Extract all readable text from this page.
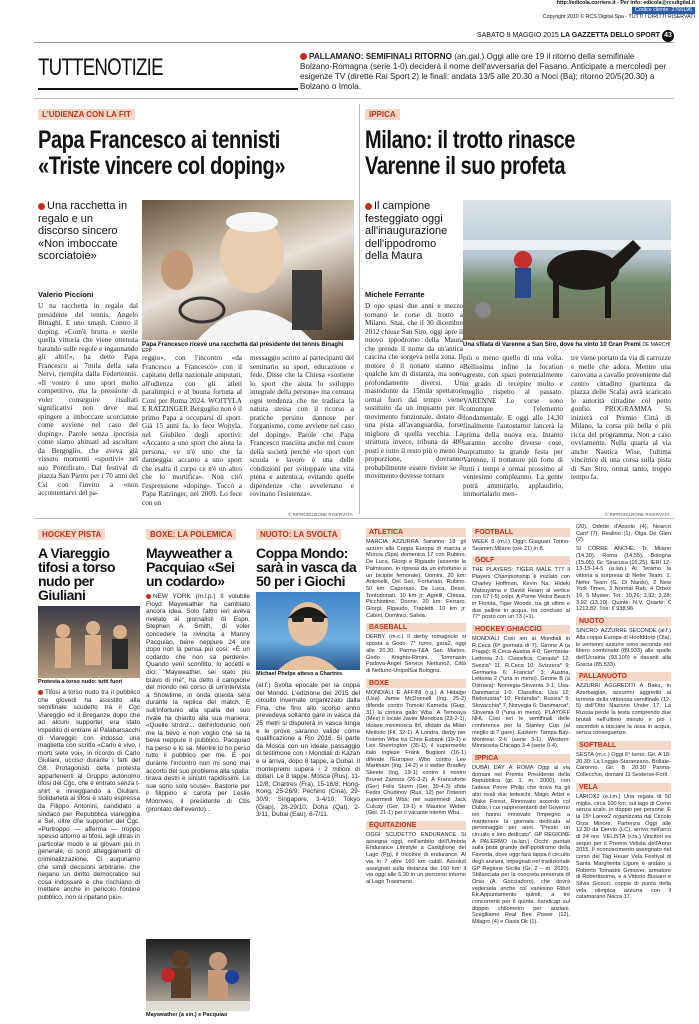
http://edicola.corriere.it - Per info: edicola@rcsdigital.it
Codice cliente: 2766196
Copyright 2010 © RCS Digital Spa - TUTTI I DIRITTI RISERVATI
SABATO 9 MAGGIO 2015 LA GAZZETTA DELLO SPORT 43
TUTTENOTIZIE	PALLAMANO: SEMIFINALI RITORNO (an.gal.) Oggi alle ore 19 il ritorno della semifinale Bolzano-Romagna (serie 1-0) deciderà il nome dell'avversaria del Fasano. Anticipate a mercoledì per esigenze TV (dirette Rai Sport 2) le finali: andata 13/5 alle 20.30 a Noci (Ba); ritorno 20/5(20.30) a Bolzano o Imola.
L'UDIENZA CON LA FIT
Papa Francesco ai tennisti
«Triste vincere col doping»
Una racchetta in regalo e un discorso sincero «Non imboccate scorciatoie»
Valerio Piccioni
U na racchetta in regalo dal presidente del tennis, Angelo Binaghi. E uno smash. Contro il doping. «Com'è brutta e sterile quella vittoria che viene ottenuta barando sulle regole e ingannando gli altri!», ha detto Papa Francesco ai 7mila della sala Nervi, riempita dalla Federtennis. «Il vostro è uno sport molto competitivo, ma la pressione di voler conseguire risultati significativi non deve mai spingere a imboccare scorciatoie come avviene nel caso del doping». Parole senza ipocrisia come siamo abituati ad ascoltare da Bergoglio, che aveva già vissuto momenti «sportivi» nel suo Pontificato. Dal festival di piazza San Pietro per i 70 anni del Csi con l'invito a «non accontentarvi del pa-
Papa Francesco riceve una racchetta dal presidente del tennis Binaghi EPP
reggio», con l'incontro «da Francesco a Francesco» con il capitano della nazionale amputati, all'udienza con gli atleti paralimpici e al buona fortuna al Coni per Roma 2024. WOJTYLA E RATZINGER Bergoglio non è il primo Papa a occuparsi di sport. Già 15 anni fa, lo fece Wojtyla, nel Giubileo degli sportivi: «Accanto a uno sport che aiuta la persona, ve n'è uno che la danneggia: accanto a uno sport che esalta il corpo ce n'è un altro che lo mortifica». Non citò l'espressione «doping». Toccò a Papa Ratzinger, nel 2009. Lo fece con un
messaggio scritto ai partecipanti del seminario su sport, educazione e fede. Disse che la Chiesa «sostiene lo sport che aiuta lo sviluppo integrale della persona» ma censura ogni tendenza che ne tradisca la natura stessa con il ricorso a pratiche persino dannose per l'organismo, come avviene nel caso del doping». Parole che Papa Francesco trasciina anche nel cuore della società perché «lo sport con scuola e lavoro è una delle condizioni per sviluppare una vita piena e autentica, evitando quelle dipendenze che avvelenano e rovinano l'esistenza».
© RIPRODUZIONE RISERVATA
IPPICA
Milano: il trotto rinasce
Varenne il suo profeta
Il campione festeggiato oggi all'inaugurazione dell'ippodromo della Maura
Michele Ferrante
D opo quasi due anni e mezzo tornano le corse di trotto a Milano. Snai, che il 30 dicembre 2012 chiuse San Siro, oggi apre il nuovo ippodromo della Maura che prende il nome da un'antica cascina che sorgeva nella zona. Il motore è il nonato stanno a qualche km di distanza, ma sono profondamente diversi. Un mastodonte da 15mila spettatori ormai fuori dal tempo viene sostituito da un impianto per il movimento funzionale, dotato di una pista all'avanguardia, forse migliore di quella vecchia. La struttura invece, tribuna da 400 posti e tutto il resto più o meno in proporzione, dovranno probabilmente essere riviste se il movimento dovesse tornare
Una sfilata di Varenne a San Siro, dove ha vinto 10 Gran Premi DE MARCHI
più o meno quello di una volta. Bellissima infine la location agreste, con spazi potenzialmente in grado di recepire molto e meglio rispetto al passato. VARENNE Le corse sono comunque l'elemento fondamentale. E oggi alle 14.30 finalmente l'autostarter lancerà la prima della nuova era. Intanto saranno accolte diverse cose, soprattutto la grande festa per Varenne, il trottatore più forte di tutti i tempi e ormai prossimo al ventesimo compleanno. La gente potrà ammirarlo, applaudirlo, immortalarlo men-
tre viene portato da via di carrozze e melle che adora. Mentre una carovana a cavallo proveniente dal centro cittadino (partenza da piazza delle Scala) avrà scaricato le autorità cittadine col petto gonfio. PROGRAMMA Si inizierà col Premio Città di Milano, la corsa più bella e più ricca del programma. Non a caso ovviamente. Nella quarta al via anche Nautica Wise, l'ultima vincitrice di una corsa sulla pista di San Siro, ormai tanto, troppo tempo fa.
© RIPRODUZIONE RISERVATA
HOCKEY PISTA
A Viareggio tifosi a torso nudo per Giuliani
Protesta a torso nudo: tutti fuori
Tifosi a torso nudo tra il pubblico che giovedì ha assistito alla semifinale scudetto tra il Cgc Viareggio ed il Breganze dopo che ad alcuni supporter era stato impedito di entrare al Palabarsacchi di Viareggio con indosso una maglietta con scritto «Carlo è vivo, i morti siete voi», in ricordo di Carlo Giuliani, ucciso durante i fatti del G8. Protagonisti della protesta appartenenti al Gruppo autonomo tifosi del Cgc, che è entrato senza t-shirt e inneggiando a Giuliani. Solidarietà ai tifosi è stato espressa da Filippo Antonini, candidato a sindaco per Repubblica viareggina e Sel, oltre che supporter del Cgc. «Purtroppo — afferma — troppo spesso attorno ai tifosi, agli ultras in particolar modo e ai giovani più in generale, ci sono atteggiamenti di criminalizzazione. Ci auguriamo che simili decisioni arbitrarie, che negano un diritto democratico sul cosa indossare e che rischiano di mettere anche in pericolo l'ordine pubblico, non si ripetano più».
BOXE: LA POLEMICA
Mayweather a Pacquiao «Sei un codardo»
NEW YORK (m.l.p.) Il volubile Floyd Mayweather ha cambiato ancora idea. Solo l'altro ieri aveva rivelato ai giornalisti di Espn, Stephen A. Smith, di voler concedere la rivincita a Manny Pacquiao, bene neppure 24 ore dopo non la pensa più così: «È un codardo che non sa perdere». Quando venì sconfitto, lo accetti e dici: "Mayweather, sei stato più bravo di me", ha detto il campione del mondo nel corso di un'intervista a Showtime, in onda questa sera durante la replica del match. E sull'infortunio alla spalla del suo rivale ha chiarito alla sua maniera: «Quelle stronz... dell'infortunio non me la bevo e non voglio che se la beva neppure il pubblico. Pacquiao ha perso e lo sa. Mentre io ho perso tutto il pubblico per me. E poi durante l'incontro non mi sono mai accorto del suo problema alla spalla: tirava destri e sinistri rapidissimi. Le sue sono solo scuse». Bastone per il filippino e carota per Leslie Moonves, il presidente di Cbs (prontato dell'evento)...
Mayweather (a sin.) e Pacquiao
NUOTO: LA SVOLTA
Coppa Mondo: sarà in vasca da 50 per i Giochi
Michael Phelps atteso a Chartres
(al.f.) Svolta epocale per la coppa del Mondo. L'edizione del 2015 del circuito invernale organizzato dalla Fina, che fino allo scorso anno prevedeva soltanto gare in vasca da 25 metri si disputerà in vasca lunga e le prove saranno valide come qualificazione a Rio 2016. Si parte da Mosca con un ideale passaggio di testimone con i Mondiali di Kazan e si arriva, dopo 8 tappe, a Dubai. Il montepremi supera i 2 milioni di dollari. Le 8 tappe. Mosca (Rus), 11-12/8; Chartres (Fra), 15-16/8; Hong-Kong, 25-26/9; Pechino (Cina), 29-30/9; Singapore, 3-4/10; Tokyo (Giap), 28-29/10; Doha (Qat), 2-3/11; Dubai (Eau), 6-7/11.
ATLETICA
MARCIA AZZURRA Saranno 18 gli azzurri alla Coppa Europa di marcia a Murcia (Spa) domenica 17 con Rubino, De Luca, Giorgi e Rigaudo (assente la Palmisano, in ripresa da un infortunio a un bicipite femorale). Uomini. 20 km: Antonelli, Del Sso, Fortunato, Rubino. 50 km: Caporaso, De Luca, Dessi, Tontodonati. 10 km jr: Agrelli, Chiesa, Picchiottino. Donne. 20 km: Ferraro, Giorgi, Rigaudo, Trapletti. 10 km jr: Cabini, Dominici, Salvia.
BASEBALL
DERBY (m.c.) Il derby romagnolo si sposta a Godo. 7° turno, gara2, oggi alle 20.30: Parma-T&A San Marino, Godo Knights-Rimini, Tommasin Padova-Angel Service Nettuno2, Città di Nettuno-UnipolSai Bologna.
BOXE
MONDIALI E AFFINI (r.g.) A Hidalgo (Usa) Jamie McDonnell (Ing, 25-2) difende contro Tomoki Kameda (Giap, 31) la cintura gallo Wba. A Temoaya (Mes) il locale Javier Mendoza (23-2-1), titolare minimosca Ibf, sfidato da Milan Melindo (Fil, 32-1). A Londra, derby per l'interim Wba tra Chris Eubank (19-1) e Les Sherrington (35-1), il supermedio italo inglese Frank Buglioni (16-1) difende l'Europeo Wbo contro Lee Markham (Ing, 14-2) e il welter Bradley Skeete (Ing, 19-1) contro il nostro Brunet Zamora (26-3-2). A Francoforte (Ger) Felix Sturm (Ger, 39-4-3) sfida Fedor Chudinov (Rus, 12) per l'interim supermedi Wba; nei supermedi Jack Culcay (Ger, 19-1) e Maurice Weber (Ger, 21-1) per il vacante interim Wba.
EQUITAZIONE
OGGI SCUDETTO ENDURANCE Si assegna oggi, nell'ambito dell'Umbria Endurance Lifestyle a Castiglione del Lago (Pg), il tricolore di endurance. Al via in 7 oltre 160 km cabili. Assoluti assegnati sulla distanza dei 160 km: il via oggi alle 6.30 in un percorso intorno al Lago Trasimeno.
FOOTBALL
WEEK 8 (m.l.) Oggi: Giaguari Torino-Seamen Milano (ore 21) in 8.
GOLF
THE PLAYERS: TIGER MALE T77 Il Players Championship è iniziato con Charley Hoffman, Kevin Na, Hideki Matsuyama e David Hearn al vertice con 67 (-5) colpi. A Ponte Vedra Beach in Florida, Tiger Woods, tra gli ultimi e due palline in acqua, ha concluso al 77° posto con un 73 (+1).
HOCKEY GHIACCIO
MONDIALI Così ieri ai Mondiali in R.Ceca (6ª giornata di 7). Girone A (a Praga): R.Ceca-Austria 4-0; Germania-Lettonia 2-1. Classifica: Canada* 12; Svezia* 11; R.Ceca 10; Svizzera* 9; Germania 6; Francia* 3; Austria, Lettonia 2 (*una in meno). Girone B (a Ostrava): Norvegia-Slovenia 3-1; Usa-Danimarca 1-0. Classifica: Usa 12; Bielorussia* 10; Finlandia*, Russia* 9; Slovacchia* 7; Norvegia 6; Danimarca*, Slovenia 0 (*una in meno). PLAYOFF NHL Cosi ieri le semifinali delle conference per la Stanley Cup (al meglio di 7 gare). Eastern: Tampa Bay-Montreal 2-6 (serie 3-1). Western: Minnesota-Chicago 3-4 (serie 0-4).
IPPICA
DUBAI DAY A ROMA Oggi al via domani nel Premio Presidente della Repubblica (gr. 1, m. 2000), con l'attesa Priore Philip che trova fra gli altri rivali due tedeschi: Magic Artist e Wake Forest. Rinnovato accordo col Dubai, i cui rappresentanti del Governo ieri hanno rinnovato l'impegno a mantenere la giornata dedicata al personaggio per anni. "Presto un circuito e loro dedicato". GP REGIONE A PALERMO (a.lan.) Occhi puntati sulla pista grande dell'ippodromo della Favorita, dove oggi farà tappa il circuito degli anziani, impegnati nel tradizionale GP Regione Sicilia (Gr. 2 – m. 2020). Sbilanciata per la concreta presenza di Orsa (A. Gocciadoro), che dovrà vedersela anche col vanesino Ribot Ek.Appuntamento quindi, a tre concorrenti per il quinta, handicap sul doppio chilometro per anziani. Sceglliamo Real Bee Power (12), Milagro (4) e Oasis Ok (1).
(20), Odette d'Assolo (4), Nearco Canf (7), Realino (1), Olga De Glen (2).
SI CORRE ANCHE: Tr. Milano (14.30), Roma (14.55), Bologna (15.05). Gr. Siracusa (15.25). IERI 12-13-15-14-5 (a.lan.) Al Teramo la vittoria a sorpresa di Nefer Team. 1. Nefer Team (G. Di Nardo), 2 New York Times, 3 Normal Rab, 4 Orbex 16, 5 Muster. Tot.: 10,26; 3,92; 3,28; 3,92 (13,10). Quintè: N.V. Quartè: € 1212,82. Tris: € 938,96.
NUOTO
SINCRO: AZZURRE SECONDE (al.f.) Alla coppa Europa di Hoofddorp (Ola), le ventenni azzurre sono seconde nel libero combinato (89.933) alle spalle dell'Ucraina (93.100) e davanti alla Grecia (85.533).
PALLANUOTO
AZZURRI AGGREDITI A Baku, in Azerbaigian, azzurrini aggrediti al termine della vittoriosa semifinale (12-5) dell'Otto Naziono Under 17. La Russia perde la testa comprendo due brutali nell'ultimo minuto e poi i sacerdoti a lasciare la rissa in acqua, senza conseguenze.
SOFTBALL
SESTA (m.c.) Oggi 6° turno. Gir. A 18-20.30: La Loggia-Staranzano, Bollate-Caronno. Gir. B 20.30 Parma-Collecchio, domani 11 Sesterse-Forlì.
VELA
LARIOX2 (e.l.m.) Una regata di 50 miglia, circa 100 km, sul lago di Como senza scalo, in doppio per persone. È la 15ª Lariox2 organizzata dal Circolo Orza Minore. Partenza Oggi alle 12.30 da Dervio (LC), arrivo nell'arco di 24 ore. VELISTA (r.ra.) Vincitori es sequo per il Premio Velista dell'Anno 2015. Il riconoscimento assegnato nel corso del Tag Heuer Vela Festival di Santa Margherita Ligure è andato a Roberto Tomasini Grinover, armatore di Robertissima, e a Vittorio Bissaro e Silvia Sicouri, coppia di punta della vela olimpica azzurra con il catamarano Nacra 17.
